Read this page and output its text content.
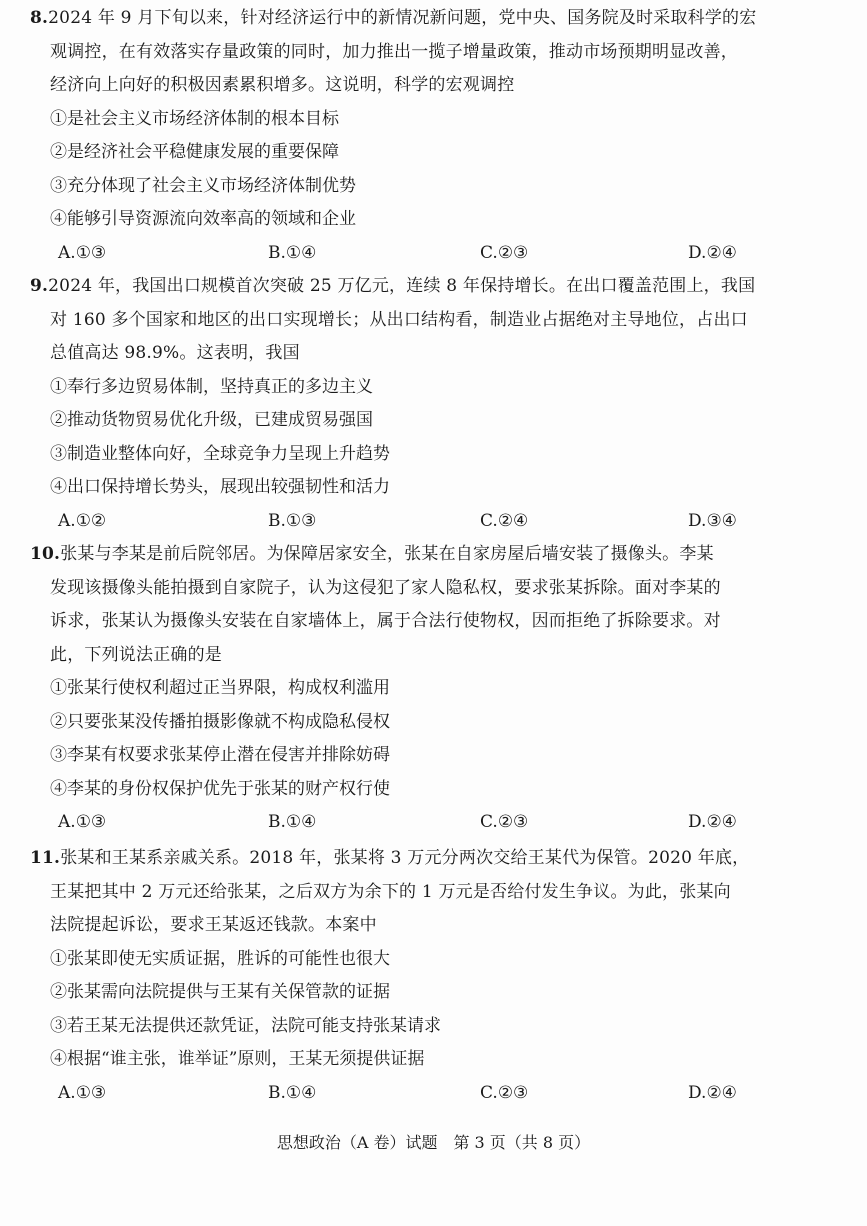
8.2024 年 9 月下旬以来，针对经济运行中的新情况新问题，党中央、国务院及时采取科学的宏
观调控，在有效落实存量政策的同时，加力推出一揽子增量政策，推动市场预期明显改善，
经济向上向好的积极因素累积增多。这说明，科学的宏观调控
①是社会主义市场经济体制的根本目标
②是经济社会平稳健康发展的重要保障
③充分体现了社会主义市场经济体制优势
④能够引导资源流向效率高的领域和企业
A.①③	B.①④	C.②③	D.②④
9.2024 年，我国出口规模首次突破 25 万亿元，连续 8 年保持增长。在出口覆盖范围上，我国
对 160 多个国家和地区的出口实现增长；从出口结构看，制造业占据绝对主导地位，占出口
总值高达 98.9%。这表明，我国
①奉行多边贸易体制，坚持真正的多边主义
②推动货物贸易优化升级，已建成贸易强国
③制造业整体向好，全球竞争力呈现上升趋势
④出口保持增长势头，展现出较强韧性和活力
A.①②	B.①③	C.②④	D.③④
10.张某与李某是前后院邻居。为保障居家安全，张某在自家房屋后墙安装了摄像头。李某
发现该摄像头能拍摄到自家院子，认为这侵犯了家人隐私权，要求张某拆除。面对李某的
诉求，张某认为摄像头安装在自家墙体上，属于合法行使物权，因而拒绝了拆除要求。对
此，下列说法正确的是
①张某行使权利超过正当界限，构成权利滥用
②只要张某没传播拍摄影像就不构成隐私侵权
③李某有权要求张某停止潜在侵害并排除妨碍
④李某的身份权保护优先于张某的财产权行使
A.①③	B.①④	C.②③	D.②④
11.张某和王某系亲戚关系。2018 年，张某将 3 万元分两次交给王某代为保管。2020 年底，
王某把其中 2 万元还给张某，之后双方为余下的 1 万元是否给付发生争议。为此，张某向
法院提起诉讼，要求王某返还钱款。本案中
①张某即使无实质证据，胜诉的可能性也很大
②张某需向法院提供与王某有关保管款的证据
③若王某无法提供还款凭证，法院可能支持张某请求
④根据“谁主张，谁举证”原则，王某无须提供证据
A.①③	B.①④	C.②③	D.②④
思想政治（A 卷）试题　第 3 页（共 8 页）
